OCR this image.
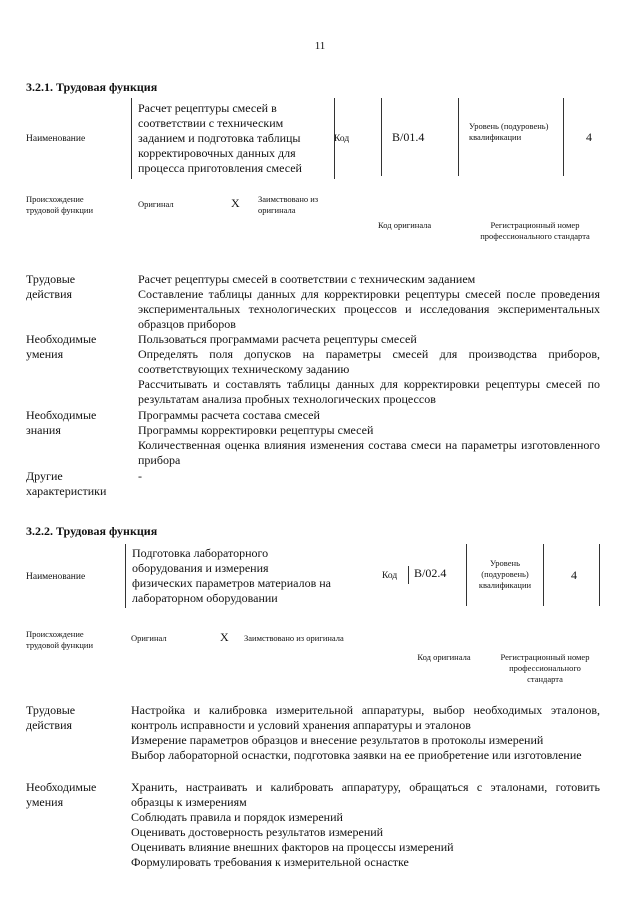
11
3.2.1. Трудовая функция
Наименование
Расчет рецептуры смесей в соответствии с техническим заданием и подготовка таблицы корректировочных данных для процесса приготовления смесей
Код	B/01.4
Уровень (подуровень) квалификации	4
Происхождение трудовой функции
Оригинал	X Заимствовано из оригинала
Код оригинала	Регистрационный номер профессионального стандарта
Трудовые действия
Расчет рецептуры смесей в соответствии с техническим заданием
Составление таблицы данных для корректировки рецептуры смесей после проведения экспериментальных технологических процессов и исследования экспериментальных образцов приборов
Необходимые умения
Пользоваться программами расчета рецептуры смесей
Определять поля допусков на параметры смесей для производства приборов, соответствующих техническому заданию
Рассчитывать и составлять таблицы данных для корректировки рецептуры смесей по результатам анализа пробных технологических процессов
Необходимые знания
Программы расчета состава смесей
Программы корректировки рецептуры смесей
Количественная оценка влияния изменения состава смеси на параметры изготовленного прибора
Другие характеристики
-
3.2.2. Трудовая функция
Наименование
Подготовка лабораторного оборудования и измерения физических параметров материалов на лабораторном оборудовании
Код	B/02.4
Уровень (подуровень) квалификации
4
Происхождение трудовой функции
Оригинал	X Заимствовано из оригинала
Код оригинала	Регистрационный номер профессионального стандарта
Трудовые действия
Настройка и калибровка измерительной аппаратуры, выбор необходимых эталонов, контроль исправности и условий хранения аппаратуры и эталонов
Измерение параметров образцов и внесение результатов в протоколы измерений
Выбор лабораторной оснастки, подготовка заявки на ее приобретение или изготовление
Необходимые умения
Хранить, настраивать и калибровать аппаратуру, обращаться с эталонами, готовить образцы к измерениям
Соблюдать правила и порядок измерений
Оценивать достоверность результатов измерений
Оценивать влияние внешних факторов на процессы измерений
Формулировать требования к измерительной оснастке
